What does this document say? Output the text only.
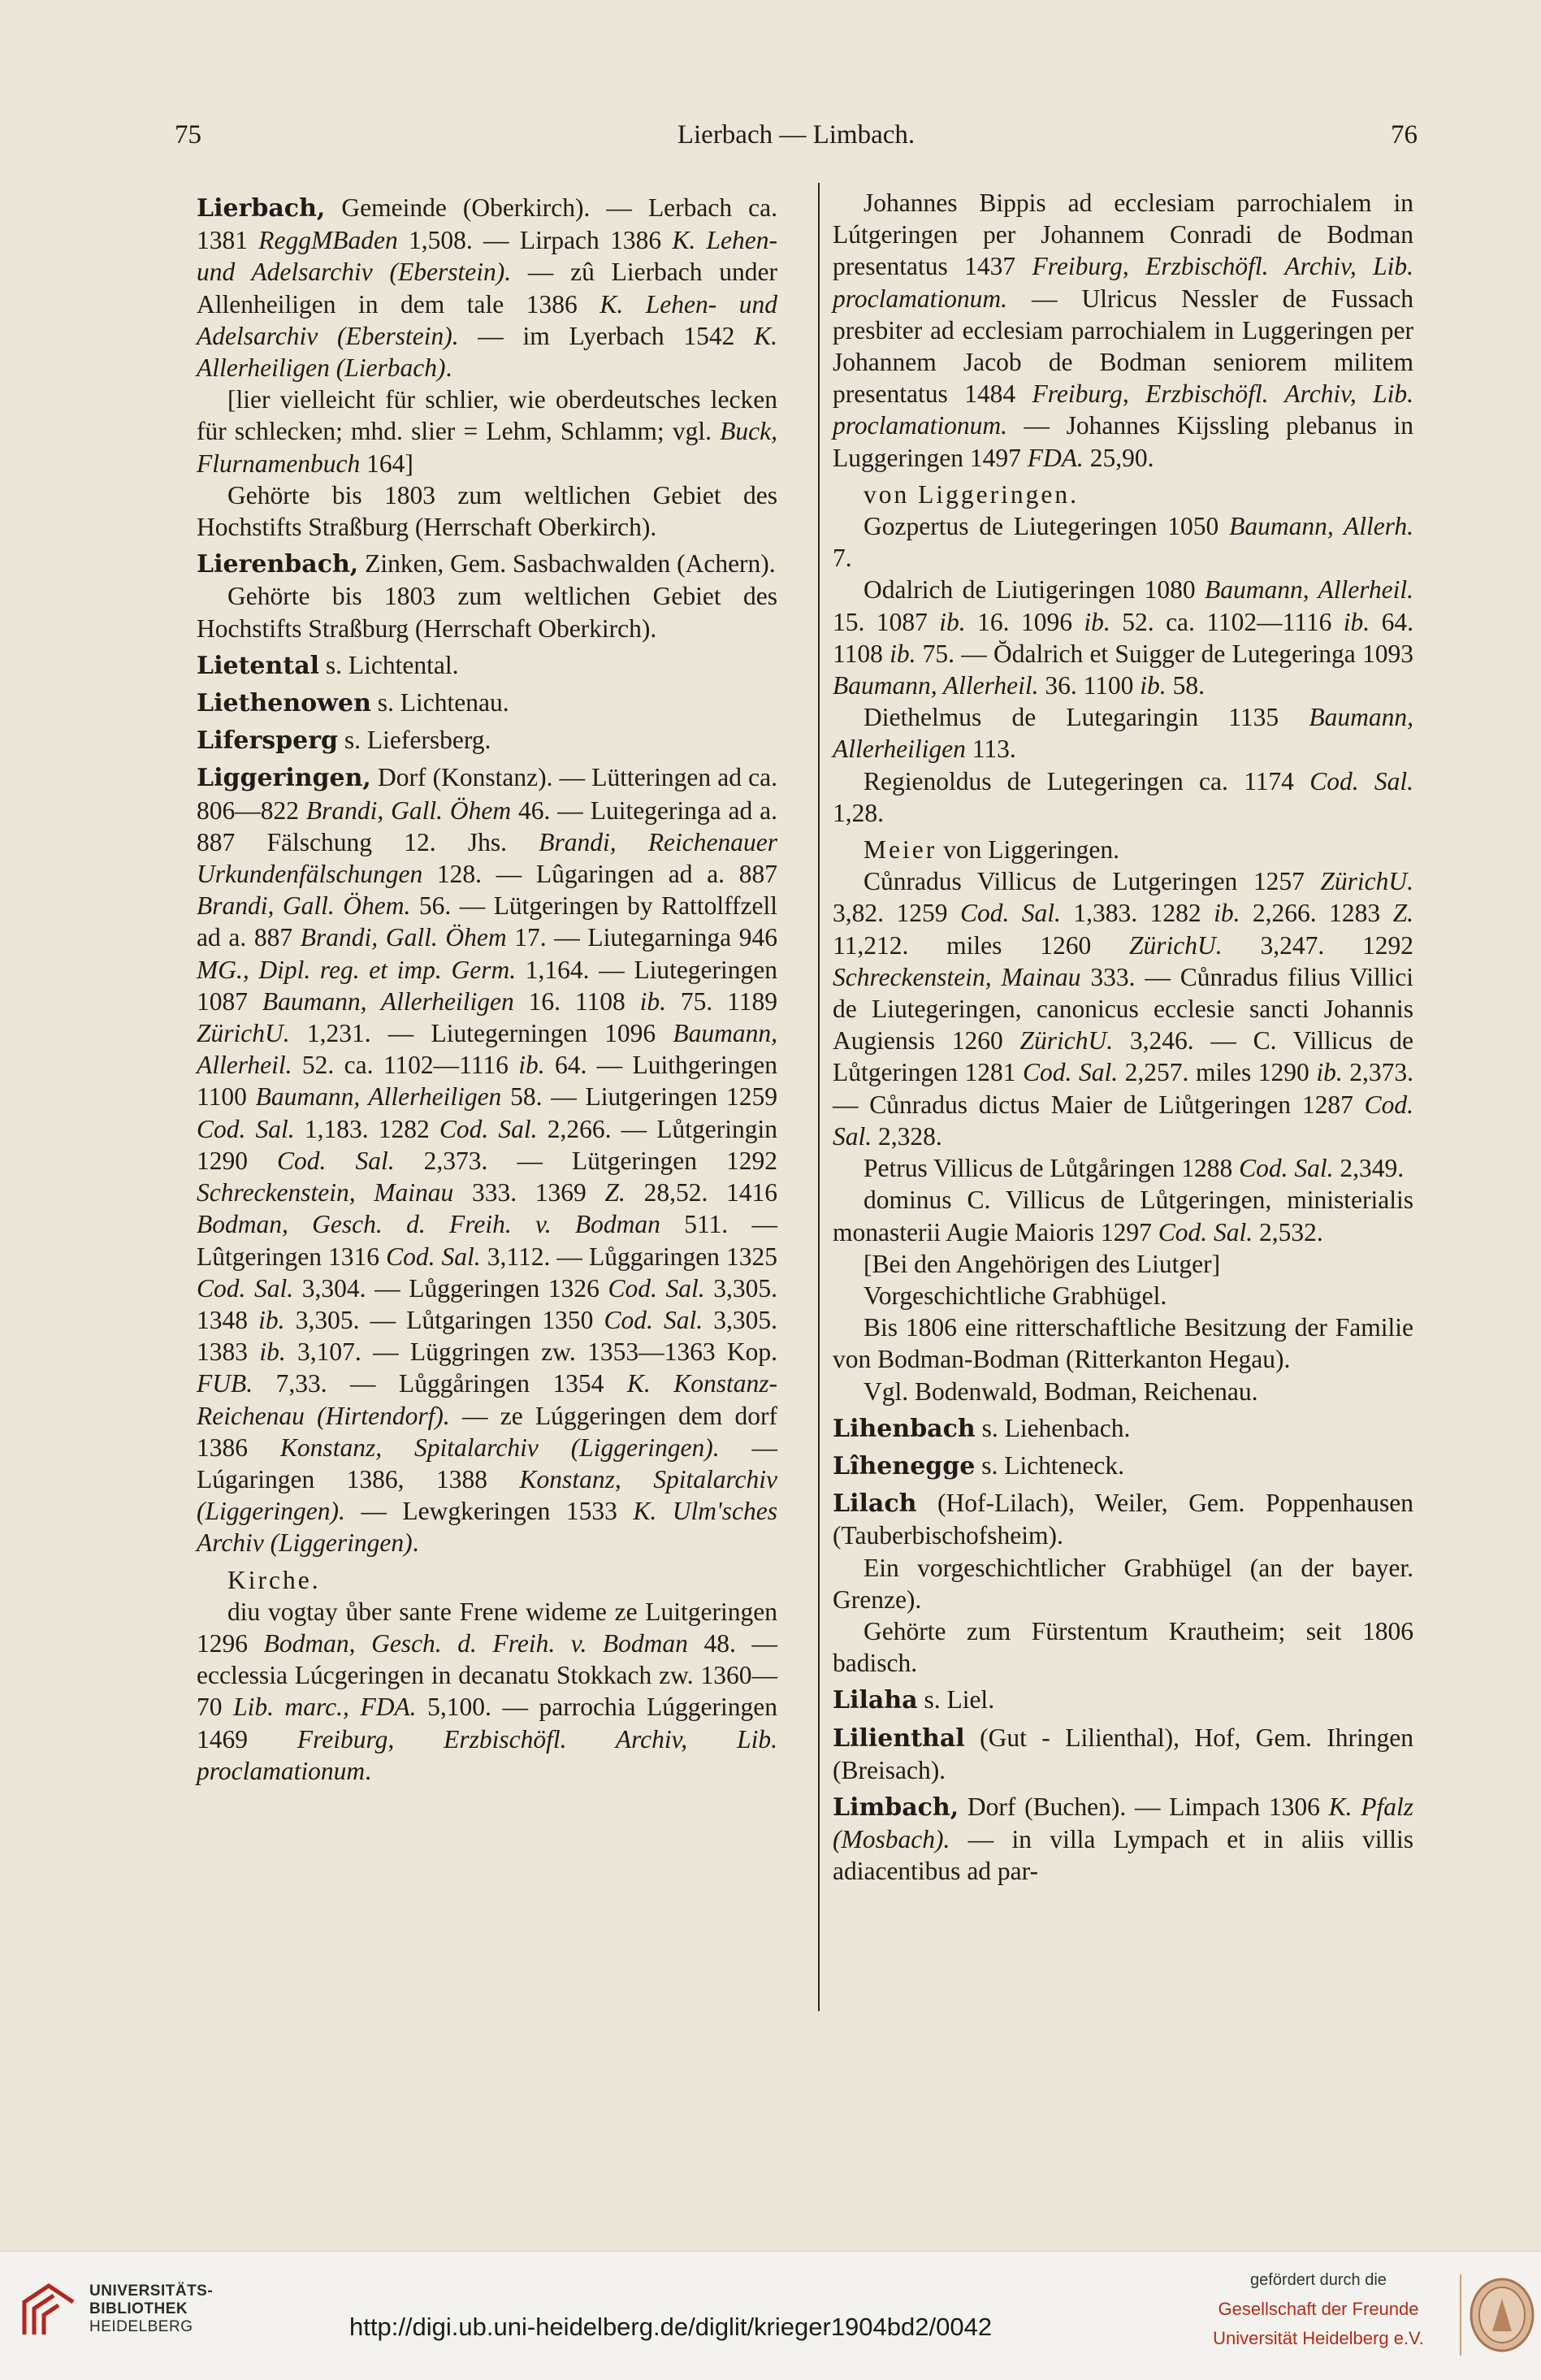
75	Lierbach — Limbach.	76

Lierbach, Gemeinde (Oberkirch). — Lerbach ca. 1381 ReggMBaden 1,508. — Lirpach 1386 K. Lehen- und Adelsarchiv (Eberstein). — zû Lierbach under Allenheiligen in dem tale 1386 K. Lehen- und Adelsarchiv (Eberstein). — im Lyerbach 1542 K. Allerheiligen (Lierbach).

[lier vielleicht für schlier, wie oberdeutsches lecken für schlecken; mhd. slier = Lehm, Schlamm; vgl. Buck, Flurnamenbuch 164]

Gehörte bis 1803 zum weltlichen Gebiet des Hochstifts Straßburg (Herrschaft Oberkirch).

Lierenbach, Zinken, Gem. Sasbachwalden (Achern).

Gehörte bis 1803 zum weltlichen Gebiet des Hochstifts Straßburg (Herrschaft Oberkirch).

Lietental s. Lichtental.

Liethenowen s. Lichtenau.

Lifersperg s. Liefersberg.

Liggeringen, Dorf (Konstanz). — Lütteringen ad ca. 806—822 Brandi, Gall. Öhem 46. — Luitegeringa ad a. 887 Fälschung 12. Jhs. Brandi, Reichenauer Urkundenfälschungen 128. — Lûgaringen ad a. 887 Brandi, Gall. Öhem. 56. — Lütgeringen by Rattolffzell ad a. 887 Brandi, Gall. Öhem 17. — Liutegarninga 946 MG., Dipl. reg. et imp. Germ. 1,164. — Liutegeringen 1087 Baumann, Allerheiligen 16. 1108 ib. 75. 1189 ZürichU. 1,231. — Liutegerningen 1096 Baumann, Allerheil. 52. ca. 1102—1116 ib. 64. — Luithgeringen 1100 Baumann, Allerheiligen 58. — Liutgeringen 1259 Cod. Sal. 1,183. 1282 Cod. Sal. 2,266. — Lůtgeringin 1290 Cod. Sal. 2,373. — Lütgeringen 1292 Schreckenstein, Mainau 333. 1369 Z. 28,52. 1416 Bodman, Gesch. d. Freih. v. Bodman 511. — Lûtgeringen 1316 Cod. Sal. 3,112. — Lůggaringen 1325 Cod. Sal. 3,304. — Lůggeringen 1326 Cod. Sal. 3,305. 1348 ib. 3,305. — Lůtgaringen 1350 Cod. Sal. 3,305. 1383 ib. 3,107. — Lüggringen zw. 1353—1363 Kop. FUB. 7,33. — Lůggåringen 1354 K. Konstanz-Reichenau (Hirtendorf). — ze Lúggeringen dem dorf 1386 Konstanz, Spitalarchiv (Liggeringen). — Lúgaringen 1386, 1388 Konstanz, Spitalarchiv (Liggeringen). — Lewgkeringen 1533 K. Ulm'sches Archiv (Liggeringen).

Kirche.

diu vogtay ůber sante Frene wideme ze Luitgeringen 1296 Bodman, Gesch. d. Freih. v. Bodman 48. — ecclessia Lúcgeringen in decanatu Stokkach zw. 1360—70 Lib. marc., FDA. 5,100. — parrochia Lúggeringen 1469 Freiburg, Erzbischöfl. Archiv, Lib. proclamationum.

Johannes Bippis ad ecclesiam parrochialem in Lútgeringen per Johannem Conradi de Bodman presentatus 1437 Freiburg, Erzbischöfl. Archiv, Lib. proclamationum. — Ulricus Nessler de Fussach presbiter ad ecclesiam parrochialem in Luggeringen per Johannem Jacob de Bodman seniorem militem presentatus 1484 Freiburg, Erzbischöfl. Archiv, Lib. proclamationum. — Johannes Kijssling plebanus in Luggeringen 1497 FDA. 25,90.

von Liggeringen.

Gozpertus de Liutegeringen 1050 Baumann, Allerh. 7.

Odalrich de Liutigeringen 1080 Baumann, Allerheil. 15. 1087 ib. 16. 1096 ib. 52. ca. 1102—1116 ib. 64. 1108 ib. 75. — Ŏdalrich et Suigger de Lutegeringa 1093 Baumann, Allerheil. 36. 1100 ib. 58.

Diethelmus de Lutegaringin 1135 Baumann, Allerheiligen 113.

Regienoldus de Lutegeringen ca. 1174 Cod. Sal. 1,28.

Meier von Liggeringen.

Cůnradus Villicus de Lutgeringen 1257 ZürichU. 3,82. 1259 Cod. Sal. 1,383. 1282 ib. 2,266. 1283 Z. 11,212. miles 1260 ZürichU. 3,247. 1292 Schreckenstein, Mainau 333. — Cůnradus filius Villici de Liutegeringen, canonicus ecclesie sancti Johannis Augiensis 1260 ZürichU. 3,246. — C. Villicus de Lůtgeringen 1281 Cod. Sal. 2,257. miles 1290 ib. 2,373. — Cůnradus dictus Maier de Liůtgeringen 1287 Cod. Sal. 2,328.

Petrus Villicus de Lůtgåringen 1288 Cod. Sal. 2,349.

dominus C. Villicus de Lůtgeringen, ministerialis monasterii Augie Maioris 1297 Cod. Sal. 2,532.

[Bei den Angehörigen des Liutger]

Vorgeschichtliche Grabhügel.

Bis 1806 eine ritterschaftliche Besitzung der Familie von Bodman-Bodman (Ritterkanton Hegau).

Vgl. Bodenwald, Bodman, Reichenau.

Lihenbach s. Liehenbach.

Lîhenegge s. Lichteneck.

Lilach (Hof-Lilach), Weiler, Gem. Poppenhausen (Tauberbischofsheim).

Ein vorgeschichtlicher Grabhügel (an der bayer. Grenze).

Gehörte zum Fürstentum Krautheim; seit 1806 badisch.

Lilaha s. Liel.

Lilienthal (Gut - Lilienthal), Hof, Gem. Ihringen (Breisach).

Limbach, Dorf (Buchen). — Limpach 1306 K. Pfalz (Mosbach). — in villa Lympach et in aliis villis adiacentibus ad par-

UNIVERSITÄTS-
BIBLIOTHEK
HEIDELBERG	http://digi.ub.uni-heidelberg.de/diglit/krieger1904bd2/0042
gefördert durch die
Gesellschaft der Freunde
Universität Heidelberg e.V.
